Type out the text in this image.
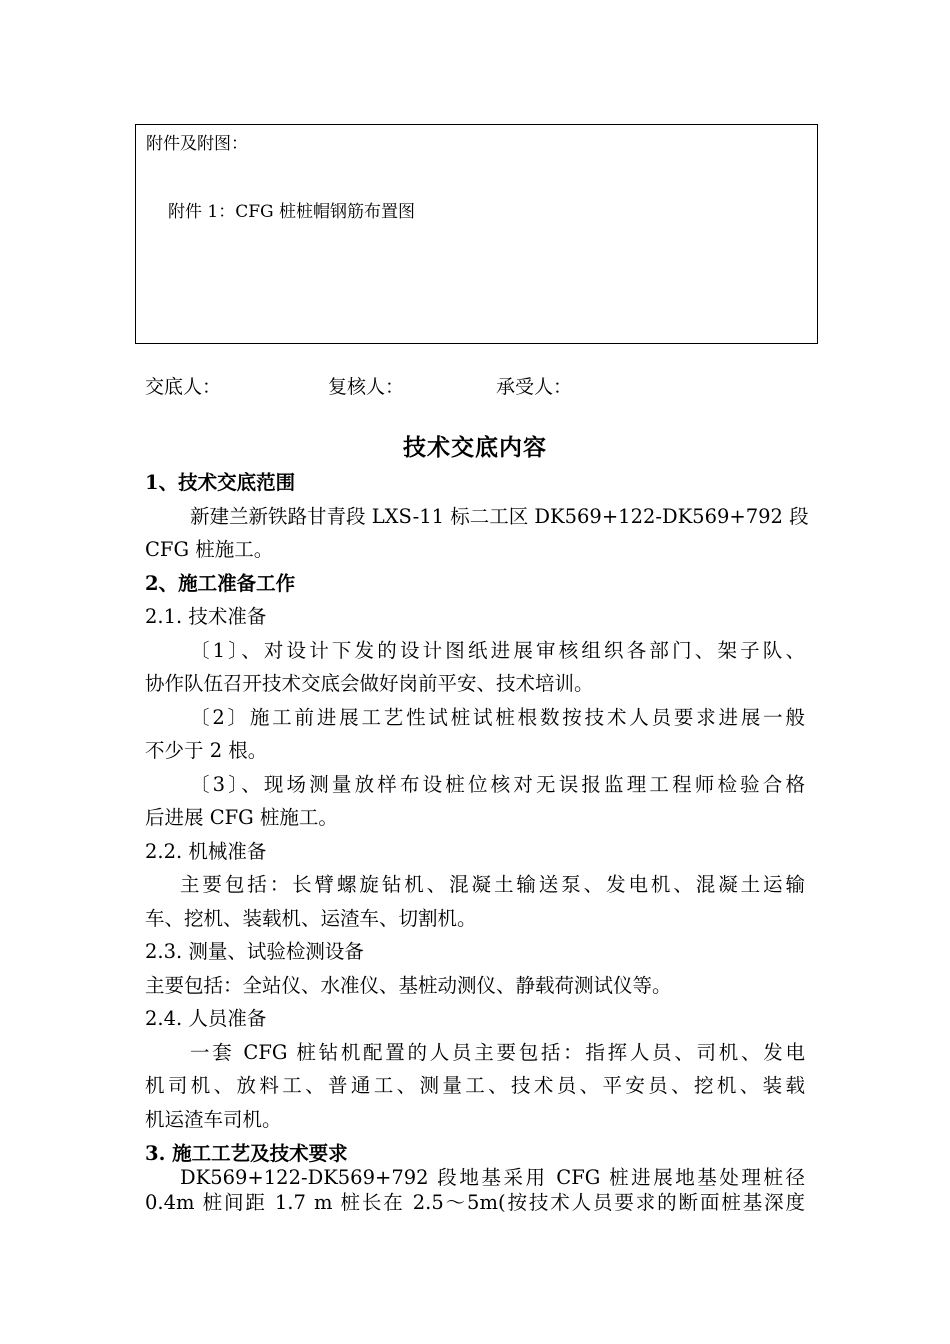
附件及附图：
附件 1：CFG 桩桩帽钢筋布置图
交底人：	复核人：	承受人：
技术交底内容
1、技术交底范围
新建兰新铁路甘青段 LXS-11 标二工区 DK569+122-DK569+792 段
CFG 桩施工。
2、施工准备工作
2.1. 技术准备
〔1〕、对设计下发的设计图纸进展审核组织各部门、架子队、
协作队伍召开技术交底会做好岗前平安、技术培训。
〔2〕施工前进展工艺性试桩试桩根数按技术人员要求进展一般
不少于 2 根。
〔3〕、现场测量放样布设桩位核对无误报监理工程师检验合格
后进展 CFG 桩施工。
2.2. 机械准备
主要包括：长臂螺旋钻机、混凝土输送泵、发电机、混凝土运输
车、挖机、装载机、运渣车、切割机。
2.3. 测量、试验检测设备
主要包括：全站仪、水准仪、基桩动测仪、静载荷测试仪等。
2.4. 人员准备
一套 CFG 桩钻机配置的人员主要包括：指挥人员、司机、发电
机司机、放料工、普通工、测量工、技术员、平安员、挖机、装载
机运渣车司机。
3. 施工工艺及技术要求
DK569+122-DK569+792 段地基采用 CFG 桩进展地基处理桩径
0.4m 桩间距 1.7 m 桩长在 2.5～5m(按技术人员要求的断面桩基深度
